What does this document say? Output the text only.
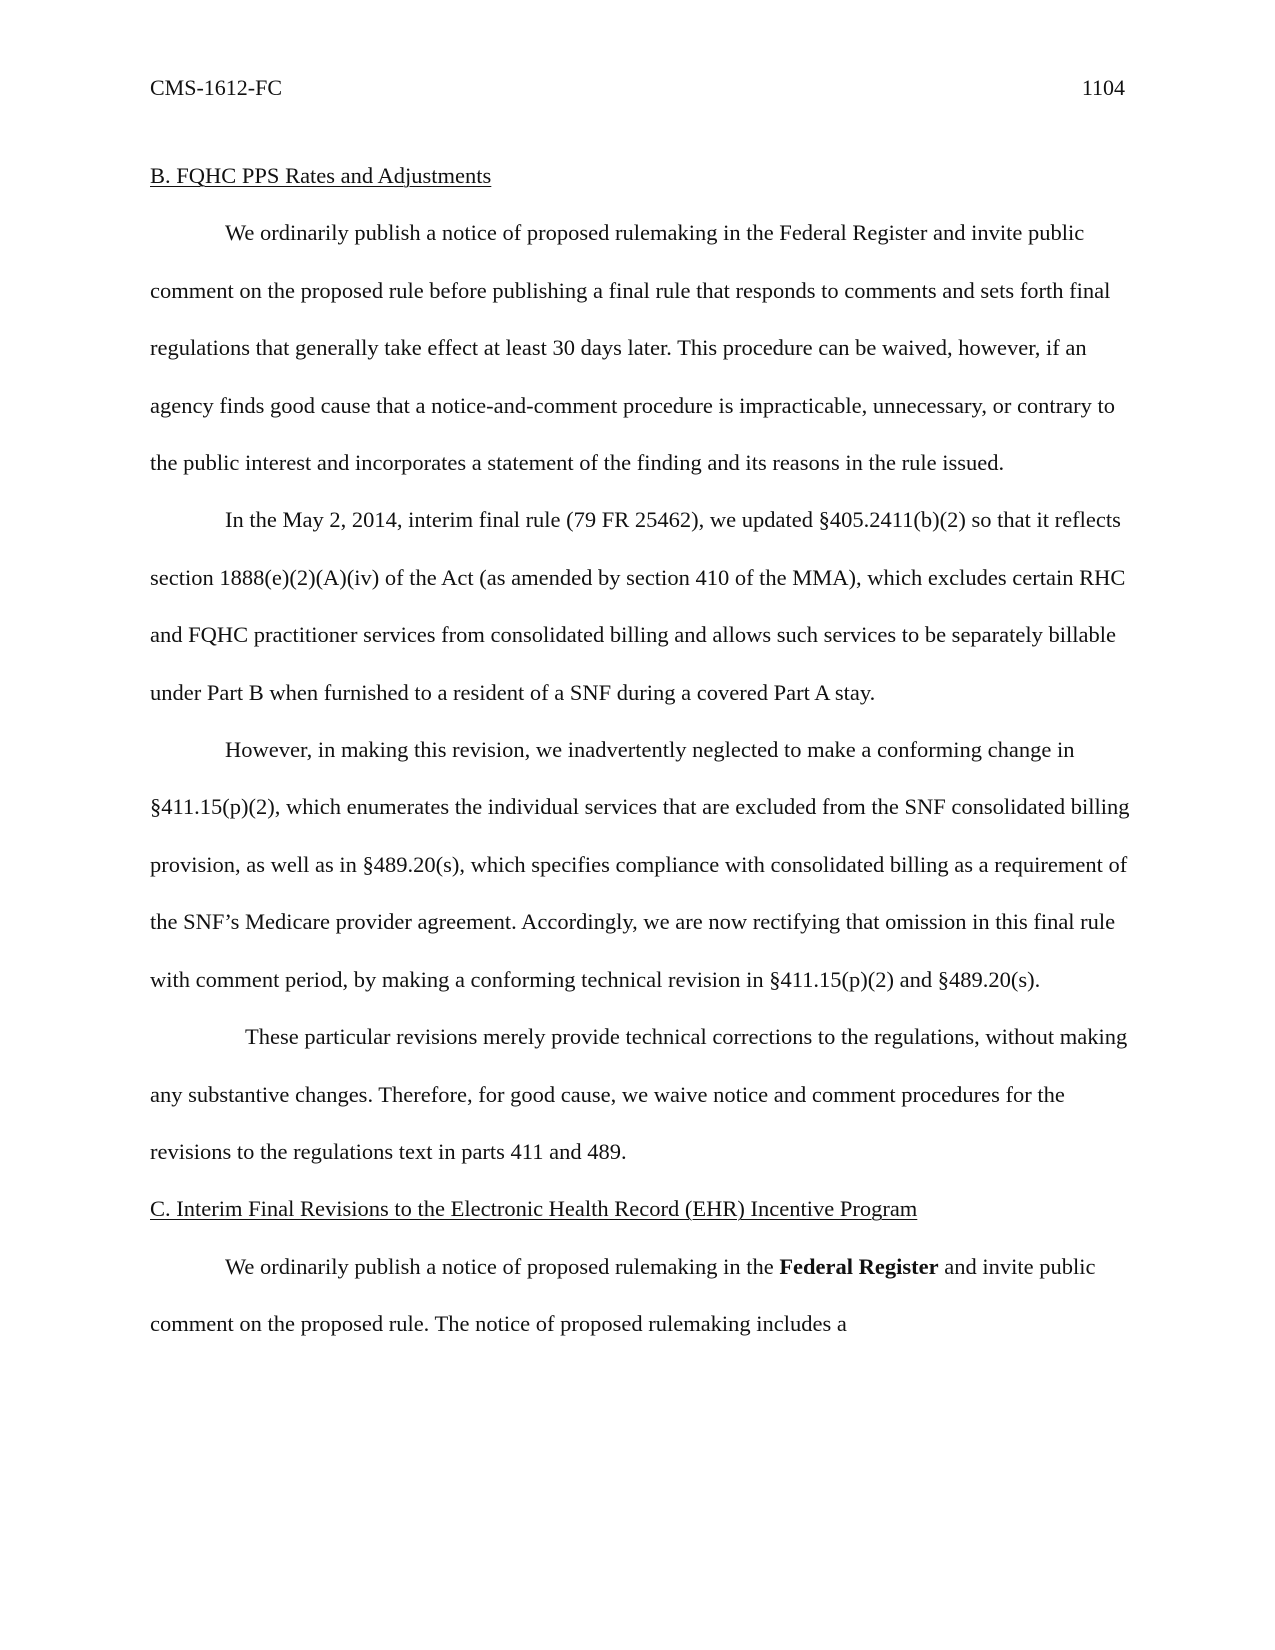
CMS-1612-FC	1104

B. FQHC PPS Rates and Adjustments

We ordinarily publish a notice of proposed rulemaking in the Federal Register and invite public comment on the proposed rule before publishing a final rule that responds to comments and sets forth final regulations that generally take effect at least 30 days later. This procedure can be waived, however, if an agency finds good cause that a notice-and-comment procedure is impracticable, unnecessary, or contrary to the public interest and incorporates a statement of the finding and its reasons in the rule issued.

In the May 2, 2014, interim final rule (79 FR 25462), we updated §405.2411(b)(2) so that it reflects section 1888(e)(2)(A)(iv) of the Act (as amended by section 410 of the MMA), which excludes certain RHC and FQHC practitioner services from consolidated billing and allows such services to be separately billable under Part B when furnished to a resident of a SNF during a covered Part A stay.

However, in making this revision, we inadvertently neglected to make a conforming change in §411.15(p)(2), which enumerates the individual services that are excluded from the SNF consolidated billing provision, as well as in §489.20(s), which specifies compliance with consolidated billing as a requirement of the SNF’s Medicare provider agreement. Accordingly, we are now rectifying that omission in this final rule with comment period, by making a conforming technical revision in §411.15(p)(2) and §489.20(s).

These particular revisions merely provide technical corrections to the regulations, without making any substantive changes. Therefore, for good cause, we waive notice and comment procedures for the revisions to the regulations text in parts 411 and 489.

C. Interim Final Revisions to the Electronic Health Record (EHR) Incentive Program

We ordinarily publish a notice of proposed rulemaking in the Federal Register and invite public comment on the proposed rule. The notice of proposed rulemaking includes a
